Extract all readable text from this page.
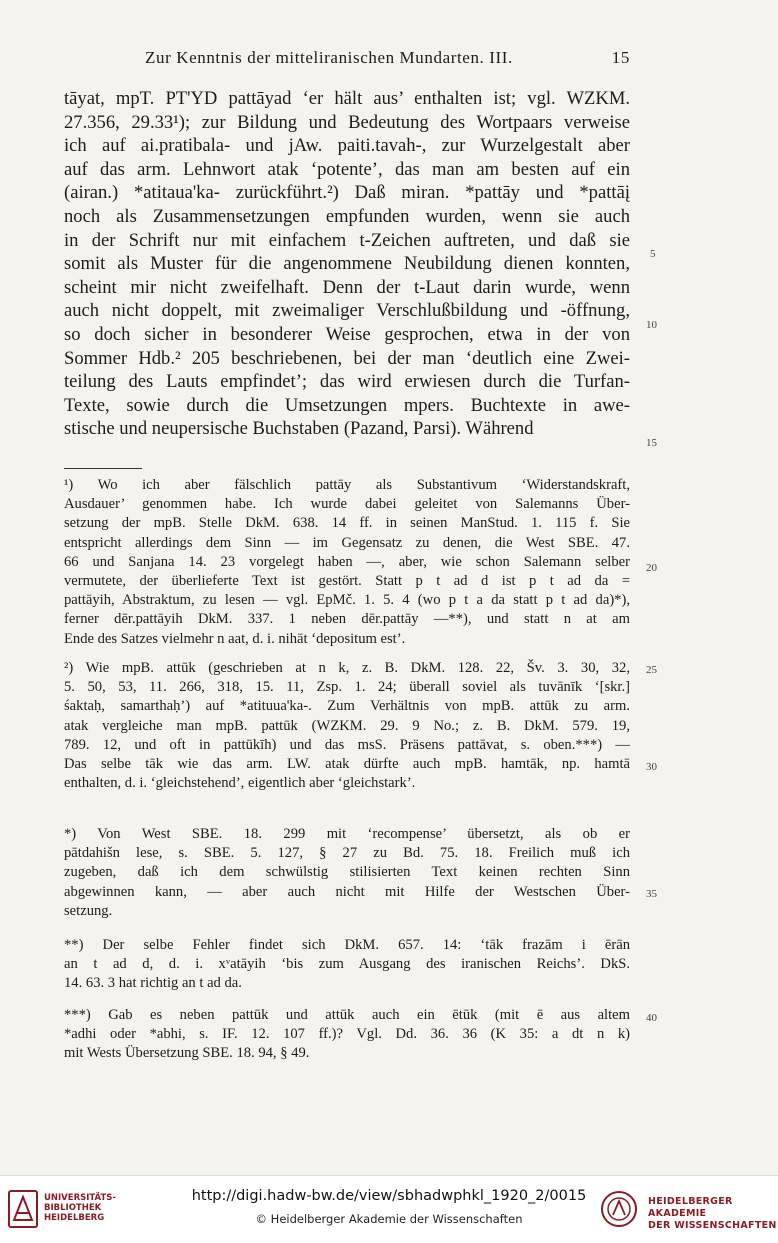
Zur Kenntnis der mitteliranischen Mundarten. III.	15
tāyat, mpT. PT'YD pattāyad ʻer hält aus’ enthalten ist; vgl. WZKM.
27.356, 29.33¹); zur Bildung und Bedeutung des Wortpaars verweise
ich auf ai.pratibala- und jAw. paiti.tavah-, zur Wurzelgestalt aber
auf das arm. Lehnwort atak ʻpotente’, das man am besten auf ein
(airan.) *atitaua'ka- zurückführt.²) Daß miran. *pattāy und *pattāį
noch als Zusammensetzungen empfunden wurden, wenn sie auch
in der Schrift nur mit einfachem t-Zeichen auftreten, und daß sie
somit als Muster für die angenommene Neubildung dienen konnten,
scheint mir nicht zweifelhaft. Denn der t-Laut darin wurde, wenn
auch nicht doppelt, mit zweimaliger Verschlußbildung und -öffnung,
so doch sicher in besonderer Weise gesprochen, etwa in der von
Sommer Hdb.² 205 beschriebenen, bei der man ʻdeutlich eine Zwei-
teilung des Lauts empfindet’; das wird erwiesen durch die Turfan-
Texte, sowie durch die Umsetzungen mpers. Buchtexte in awe-
stische und neupersische Buchstaben (Pazand, Parsi). Während
¹) Wo ich aber fälschlich pattāy als Substantivum ʻWiderstandskraft,
Ausdauer’ genommen habe. Ich wurde dabei geleitet von Salemanns Über-
setzung der mpB. Stelle DkM. 638. 14 ff. in seinen ManStud. 1. 115 f. Sie
entspricht allerdings dem Sinn — im Gegensatz zu denen, die West SBE. 47.
66 und Sanjana 14. 23 vorgelegt haben —, aber, wie schon Salemann selber
vermutete, der überlieferte Text ist gestört. Statt p t ad d ist p t ad da =
pattāyih, Abstraktum, zu lesen — vgl. EpMč. 1. 5. 4 (wo p t a da statt p t ad da)*),
ferner dēr.pattāyih DkM. 337. 1 neben dēr.pattāy —**), und statt n at am
Ende des Satzes vielmehr n aat, d. i. nihāt ʻdepositum est’.
²) Wie mpB. attūk (geschrieben at n k, z. B. DkM. 128. 22, Šv. 3. 30, 32,
5. 50, 53, 11. 266, 318, 15. 11, Zsp. 1. 24; überall soviel als tuvānīk ʻ[skr.]
śaktaḥ, samarthaḥ’) auf *atituua'ka-. Zum Verhältnis von mpB. attūk zu arm.
atak vergleiche man mpB. pattūk (WZKM. 29. 9 No.; z. B. DkM. 579. 19,
789. 12, und oft in pattūkīh) und das msS. Präsens pattāvat, s. oben.***) —
Das selbe tāk wie das arm. LW. atak dürfte auch mpB. hamtāk, np. hamtā
enthalten, d. i. ʻgleichstehend’, eigentlich aber ʻgleichstark’.
*) Von West SBE. 18. 299 mit ʻrecompense’ übersetzt, als ob er
pātdahišn lese, s. SBE. 5. 127, § 27 zu Bd. 75. 18. Freilich muß ich
zugeben, daß ich dem schwülstig stilisierten Text keinen rechten Sinn
abgewinnen kann, — aber auch nicht mit Hilfe der Westschen Über-
setzung.
**) Der selbe Fehler findet sich DkM. 657. 14: ʻtāk frazām i ērān
an t ad d, d. i. xᵛatāyih ʻbis zum Ausgang des iranischen Reichs’. DkS.
14. 63. 3 hat richtig an t ad da.
***) Gab es neben pattūk und attūk auch ein ētūk (mit ē aus altem
*adhi oder *abhi, s. IF. 12. 107 ff.)? Vgl. Dd. 36. 36 (K 35: a dt n k)
mit Wests Übersetzung SBE. 18. 94, § 49.
5
10
15
20
25
30
35
40
UNIVERSITÄTS-
BIBLIOTHEK
HEIDELBERG
http://digi.hadw-bw.de/view/sbhadwphkl_1920_2/0015
© Heidelberger Akademie der Wissenschaften
HEIDELBERGER AKADEMIE
DER WISSENSCHAFTEN
